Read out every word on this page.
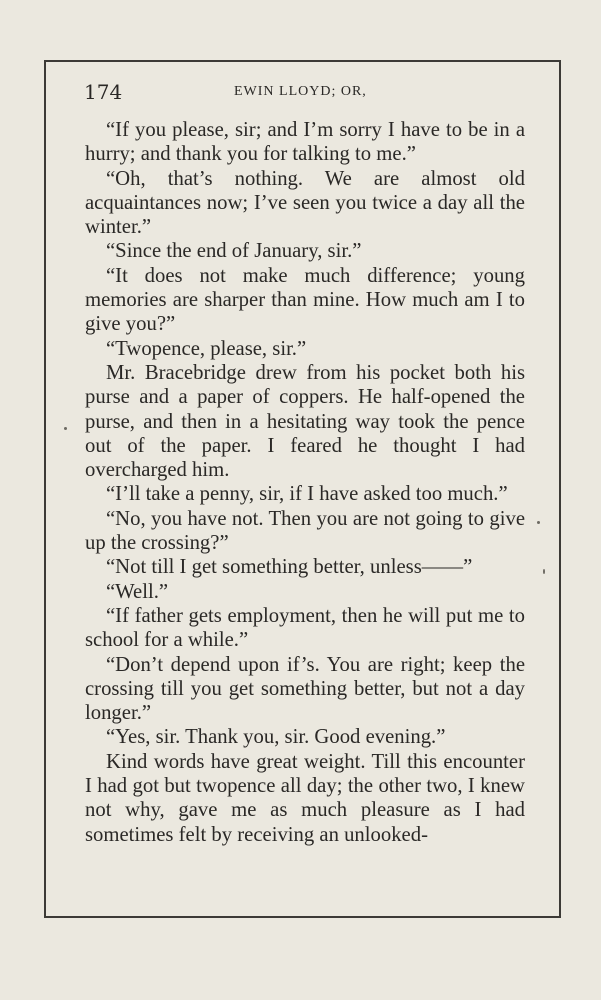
174	EWIN LLOYD; OR,

“If you please, sir; and I’m sorry I have to be in a hurry; and thank you for talking to me.”

“Oh, that’s nothing. We are almost old acquaintances now; I’ve seen you twice a day all the winter.”

“Since the end of January, sir.”

“It does not make much difference; young memories are sharper than mine. How much am I to give you?”

“Twopence, please, sir.”

Mr. Bracebridge drew from his pocket both his purse and a paper of coppers. He half-opened the purse, and then in a hesitating way took the pence out of the paper. I feared he thought I had overcharged him.

“I’ll take a penny, sir, if I have asked too much.”

“No, you have not. Then you are not going to give up the crossing?”

“Not till I get something better, unless——”

“Well.”

“If father gets employment, then he will put me to school for a while.”

“Don’t depend upon if’s. You are right; keep the crossing till you get something better, but not a day longer.”

“Yes, sir. Thank you, sir. Good evening.”

Kind words have great weight. Till this encounter I had got but twopence all day; the other two, I knew not why, gave me as much pleasure as I had sometimes felt by receiving an unlooked-
